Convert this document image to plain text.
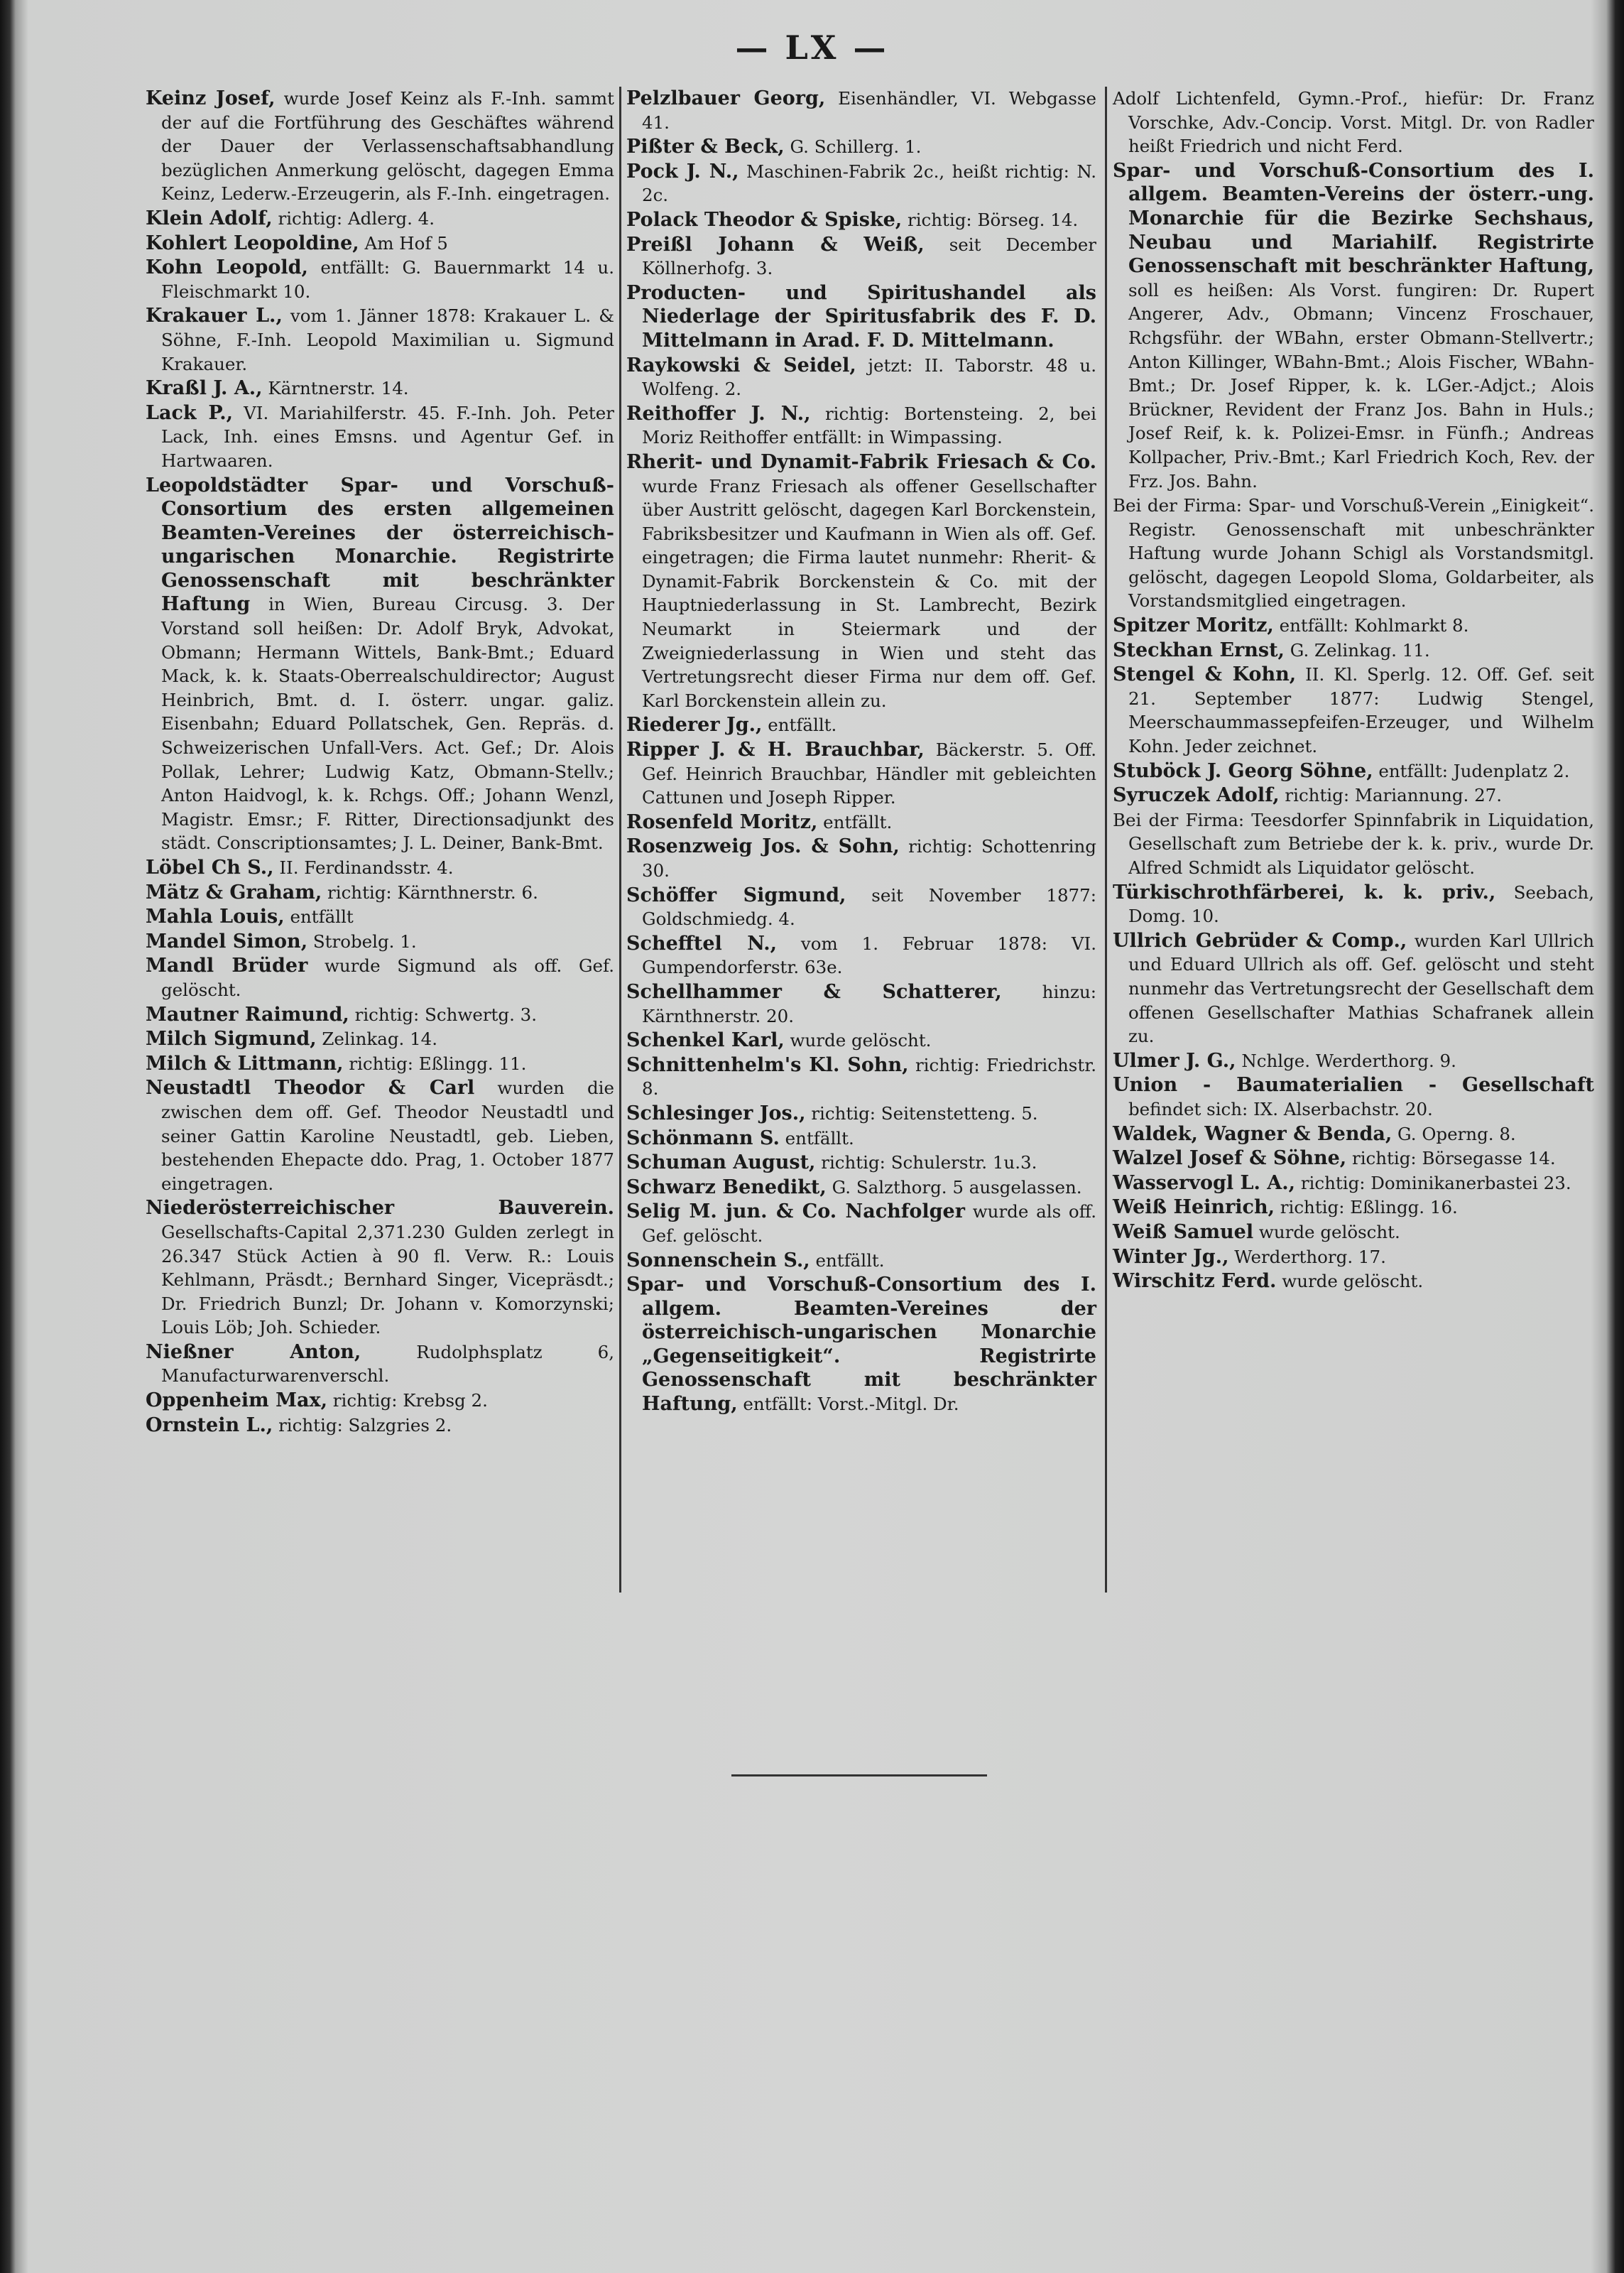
— LX —

Keinz Josef, wurde Josef Keinz als F.-Inh. sammt der auf die Fortführung des Geschäftes während der Dauer der Verlassenschaftsabhandlung bezüglichen Anmerkung gelöscht, dagegen Emma Keinz, Lederw.-Erzeugerin, als F.-Inh. eingetragen.

Klein Adolf, richtig: Adlerg. 4.

Kohlert Leopoldine, Am Hof 5

Kohn Leopold, entfällt: G. Bauernmarkt 14 u. Fleischmarkt 10.

Krakauer L., vom 1. Jänner 1878: Krakauer L. & Söhne, F.-Inh. Leopold Maximilian u. Sigmund Krakauer.

Kraßl J. A., Kärntnerstr. 14.

Lack P., VI. Mariahilferstr. 45. F.-Inh. Joh. Peter Lack, Inh. eines Emsns. und Agentur Gef. in Hartwaaren.

Leopoldstädter Spar- und Vorschuß-Consortium des ersten allgemeinen Beamten-Vereines der österreichisch-ungarischen Monarchie. Registrirte Genossenschaft mit beschränkter Haftung in Wien, Bureau Circusg. 3. Der Vorstand soll heißen: Dr. Adolf Bryk, Advokat, Obmann; Hermann Wittels, Bank-Bmt.; Eduard Mack, k. k. Staats-Oberrealschuldirector; August Heinbrich, Bmt. d. I. österr. ungar. galiz. Eisenbahn; Eduard Pollatschek, Gen. Repräs. d. Schweizerischen Unfall-Vers. Act. Gef.; Dr. Alois Pollak, Lehrer; Ludwig Katz, Obmann-Stellv.; Anton Haidvogl, k. k. Rchgs. Off.; Johann Wenzl, Magistr. Emsr.; F. Ritter, Directionsadjunkt des städt. Conscriptionsamtes; J. L. Deiner, Bank-Bmt.

Löbel Ch S., II. Ferdinandsstr. 4.

Mätz & Graham, richtig: Kärnthnerstr. 6.

Mahla Louis, entfällt

Mandel Simon, Strobelg. 1.

Mandl Brüder wurde Sigmund als off. Gef. gelöscht.

Mautner Raimund, richtig: Schwertg. 3.

Milch Sigmund, Zelinkag. 14.

Milch & Littmann, richtig: Eßlingg. 11.

Neustadtl Theodor & Carl wurden die zwischen dem off. Gef. Theodor Neustadtl und seiner Gattin Karoline Neustadtl, geb. Lieben, bestehenden Ehepacte ddo. Prag, 1. October 1877 eingetragen.

Niederösterreichischer Bauverein. Gesellschafts-Capital 2,371.230 Gulden zerlegt in 26.347 Stück Actien à 90 fl. Verw. R.: Louis Kehlmann, Präsdt.; Bernhard Singer, Vicepräsdt.; Dr. Friedrich Bunzl; Dr. Johann v. Komorzynski; Louis Löb; Joh. Schieder.

Nießner Anton, Rudolphsplatz 6, Manufacturwarenverschl.

Oppenheim Max, richtig: Krebsg 2.

Ornstein L., richtig: Salzgries 2.

Pelzlbauer Georg, Eisenhändler, VI. Webgasse 41.

Pißter & Beck, G. Schillerg. 1.

Pock J. N., Maschinen-Fabrik 2c., heißt richtig: N. 2c.

Polack Theodor & Spiske, richtig: Börseg. 14.

Preißl Johann & Weiß, seit December Köllnerhofg. 3.

Producten- und Spiritushandel als Niederlage der Spiritusfabrik des F. D. Mittelmann in Arad. F. D. Mittelmann.

Raykowski & Seidel, jetzt: II. Taborstr. 48 u. Wolfeng. 2.

Reithoffer J. N., richtig: Bortensteing. 2, bei Moriz Reithoffer entfällt: in Wimpassing.

Rherit- und Dynamit-Fabrik Friesach & Co. wurde Franz Friesach als offener Gesellschafter über Austritt gelöscht, dagegen Karl Borckenstein, Fabriksbesitzer und Kaufmann in Wien als off. Gef. eingetragen; die Firma lautet nunmehr: Rherit- & Dynamit-Fabrik Borckenstein & Co. mit der Hauptniederlassung in St. Lambrecht, Bezirk Neumarkt in Steiermark und der Zweigniederlassung in Wien und steht das Vertretungsrecht dieser Firma nur dem off. Gef. Karl Borckenstein allein zu.

Riederer Jg., entfällt.

Ripper J. & H. Brauchbar, Bäckerstr. 5. Off. Gef. Heinrich Brauchbar, Händler mit gebleichten Cattunen und Joseph Ripper.

Rosenfeld Moritz, entfällt.

Rosenzweig Jos. & Sohn, richtig: Schottenring 30.

Schöffer Sigmund, seit November 1877: Goldschmiedg. 4.

Schefftel N., vom 1. Februar 1878: VI. Gumpendorferstr. 63e.

Schellhammer & Schatterer, hinzu: Kärnthnerstr. 20.

Schenkel Karl, wurde gelöscht.

Schnittenhelm's Kl. Sohn, richtig: Friedrichstr. 8.

Schlesinger Jos., richtig: Seitenstetteng. 5.

Schönmann S. entfällt.

Schuman August, richtig: Schulerstr. 1u.3.

Schwarz Benedikt, G. Salzthorg. 5 ausgelassen.

Selig M. jun. & Co. Nachfolger wurde als off. Gef. gelöscht.

Sonnenschein S., entfällt.

Spar- und Vorschuß-Consortium des I. allgem. Beamten-Vereines der österreichisch-ungarischen Monarchie „Gegenseitigkeit“. Registrirte Genossenschaft mit beschränkter Haftung, entfällt: Vorst.-Mitgl. Dr.

Adolf Lichtenfeld, Gymn.-Prof., hiefür: Dr. Franz Vorschke, Adv.-Concip. Vorst. Mitgl. Dr. von Radler heißt Friedrich und nicht Ferd.

Spar- und Vorschuß-Consortium des I. allgem. Beamten-Vereins der österr.-ung. Monarchie für die Bezirke Sechshaus, Neubau und Mariahilf. Registrirte Genossenschaft mit beschränkter Haftung, soll es heißen: Als Vorst. fungiren: Dr. Rupert Angerer, Adv., Obmann; Vincenz Froschauer, Rchgsführ. der WBahn, erster Obmann-Stellvertr.; Anton Killinger, WBahn-Bmt.; Alois Fischer, WBahn-Bmt.; Dr. Josef Ripper, k. k. LGer.-Adjct.; Alois Brückner, Revident der Franz Jos. Bahn in Huls.; Josef Reif, k. k. Polizei-Emsr. in Fünfh.; Andreas Kollpacher, Priv.-Bmt.; Karl Friedrich Koch, Rev. der Frz. Jos. Bahn.

Bei der Firma: Spar- und Vorschuß-Verein „Einigkeit“. Registr. Genossenschaft mit unbeschränkter Haftung wurde Johann Schigl als Vorstandsmitgl. gelöscht, dagegen Leopold Sloma, Goldarbeiter, als Vorstandsmitglied eingetragen.

Spitzer Moritz, entfällt: Kohlmarkt 8.

Steckhan Ernst, G. Zelinkag. 11.

Stengel & Kohn, II. Kl. Sperlg. 12. Off. Gef. seit 21. September 1877: Ludwig Stengel, Meerschaummassepfeifen-Erzeuger, und Wilhelm Kohn. Jeder zeichnet.

Stuböck J. Georg Söhne, entfällt: Judenplatz 2.

Syruczek Adolf, richtig: Mariannung. 27.

Bei der Firma: Teesdorfer Spinnfabrik in Liquidation, Gesellschaft zum Betriebe der k. k. priv., wurde Dr. Alfred Schmidt als Liquidator gelöscht.

Türkischrothfärberei, k. k. priv., Seebach, Domg. 10.

Ullrich Gebrüder & Comp., wurden Karl Ullrich und Eduard Ullrich als off. Gef. gelöscht und steht nunmehr das Vertretungsrecht der Gesellschaft dem offenen Gesellschafter Mathias Schafranek allein zu.

Ulmer J. G., Nchlge. Werderthorg. 9.

Union - Baumaterialien - Gesellschaft befindet sich: IX. Alserbachstr. 20.

Waldek, Wagner & Benda, G. Operng. 8.

Walzel Josef & Söhne, richtig: Börsegasse 14.

Wasservogl L. A., richtig: Dominikanerbastei 23.

Weiß Heinrich, richtig: Eßlingg. 16.

Weiß Samuel wurde gelöscht.

Winter Jg., Werderthorg. 17.

Wirschitz Ferd. wurde gelöscht.
